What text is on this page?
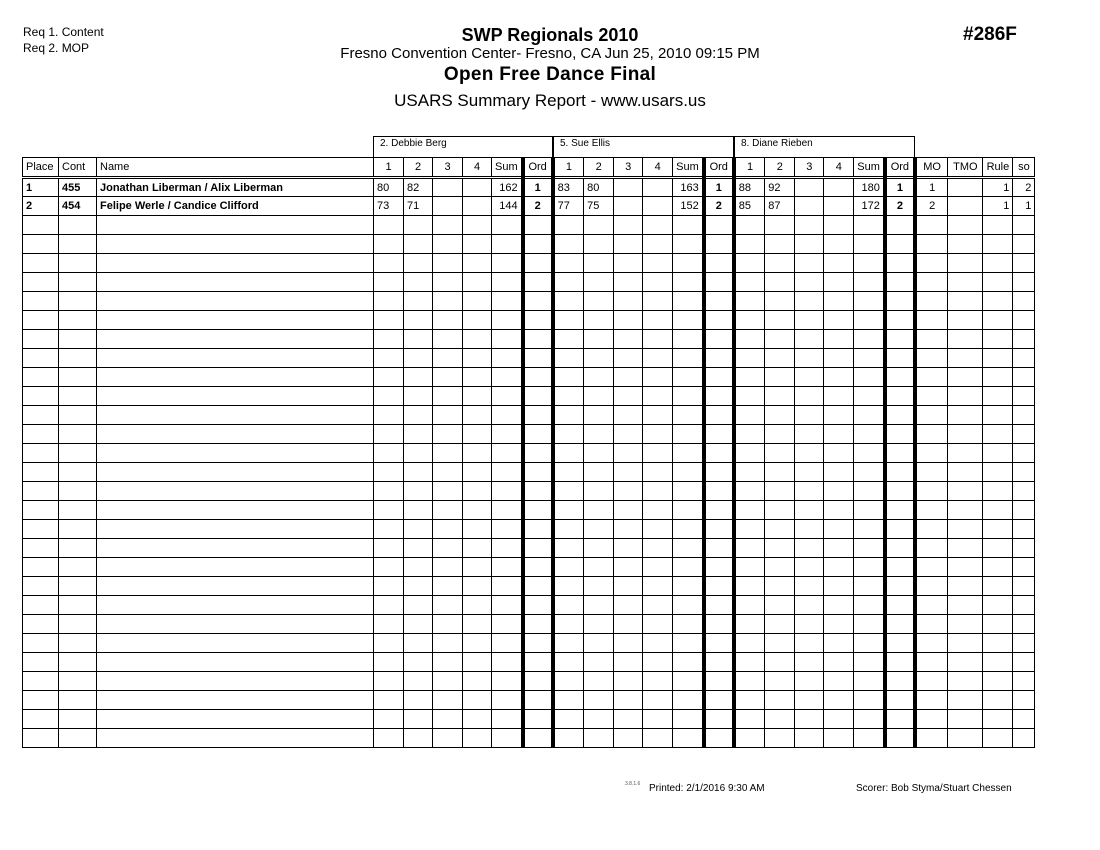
Req 1. Content
Req 2. MOP
SWP Regionals 2010
Fresno Convention Center- Fresno, CA Jun 25, 2010 09:15 PM
Open Free Dance Final
USARS Summary Report - www.usars.us
#286F
2. Debbie Berg	5. Sue Ellis	8. Diane Rieben
Place	Cont	Name	1	2	3	4	Sum	Ord	1	2	3	4	Sum	Ord	1	2	3	4	Sum	Ord	MO	TMO	Rule	so
1	455	Jonathan Liberman / Alix Liberman	80	82			162	1	83	80			163	1	88	92			180	1	1		1	2
2	454	Felipe Werle / Candice Clifford	73	71			144	2	77	75			152	2	85	87			172	2	2		1	1

3.8.1.6 Printed: 2/1/2016 9:30 AM	Scorer: Bob Styma/Stuart Chessen
